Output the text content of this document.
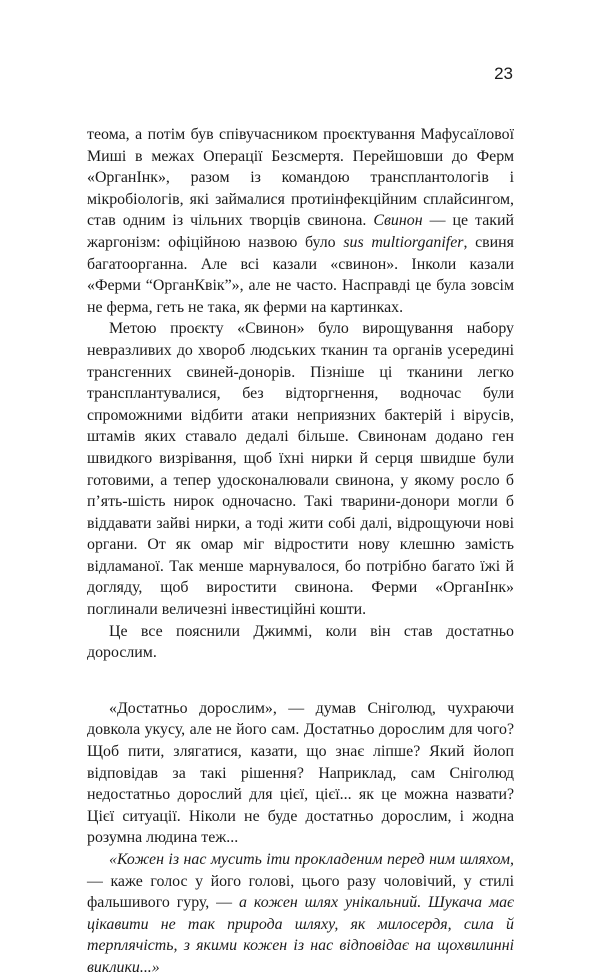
23

теома, а потім був співучасником проєктування Мафусаїлової Миші в межах Операції Безсмертя. Перейшовши до Ферм «ОрганІнк», разом із командою трансплантологів і мікробіологів, які займалися протиінфекційним сплайсингом, став одним із чільних творців свинона. Свинон — це такий жаргонізм: офіційною назвою було sus multiorganifer, свиня багатоорганна. Але всі казали «свинон». Інколи казали «Ферми “ОрганКвік”», але не часто. Насправді це була зовсім не ферма, геть не така, як ферми на картинках.

Метою проєкту «Свинон» було вирощування набору невразливих до хвороб людських тканин та органів усередині трансгенних свиней-донорів. Пізніше ці тканини легко трансплантувалися, без відторгнення, водночас були спроможними відбити атаки неприязних бактерій і вірусів, штамів яких ставало дедалі більше. Свинонам додано ген швидкого визрівання, щоб їхні нирки й серця швидше були готовими, а тепер удосконалювали свинона, у якому росло б п’ять-шість нирок одночасно. Такі тварини-донори могли б віддавати зайві нирки, а тоді жити собі далі, відрощуючи нові органи. От як омар міг відростити нову клешню замість відламаної. Так менше марнувалося, бо потрібно багато їжі й догляду, щоб виростити свинона. Ферми «ОрганІнк» поглинали величезні інвестиційні кошти.

Це все пояснили Джиммі, коли він став достатньо дорослим.

«Достатньо дорослим», — думав Сніголюд, чухраючи довкола укусу, але не його сам. Достатньо дорослим для чого? Щоб пити, злягатися, казати, що знає ліпше? Який йолоп відповідав за такі рішення? Наприклад, сам Сніголюд недостатньо дорослий для цієї, цієї... як це можна назвати? Цієї ситуації. Ніколи не буде достатньо дорослим, і жодна розумна людина теж...

«Кожен із нас мусить іти прокладеним перед ним шляхом, — каже голос у його голові, цього разу чоловічий, у стилі фальшивого гуру, — а кожен шлях унікальний. Шукача має цікавити не так природа шляху, як милосердя, сила й терплячість, з якими кожен із нас відповідає на щохвилинні виклики...»
